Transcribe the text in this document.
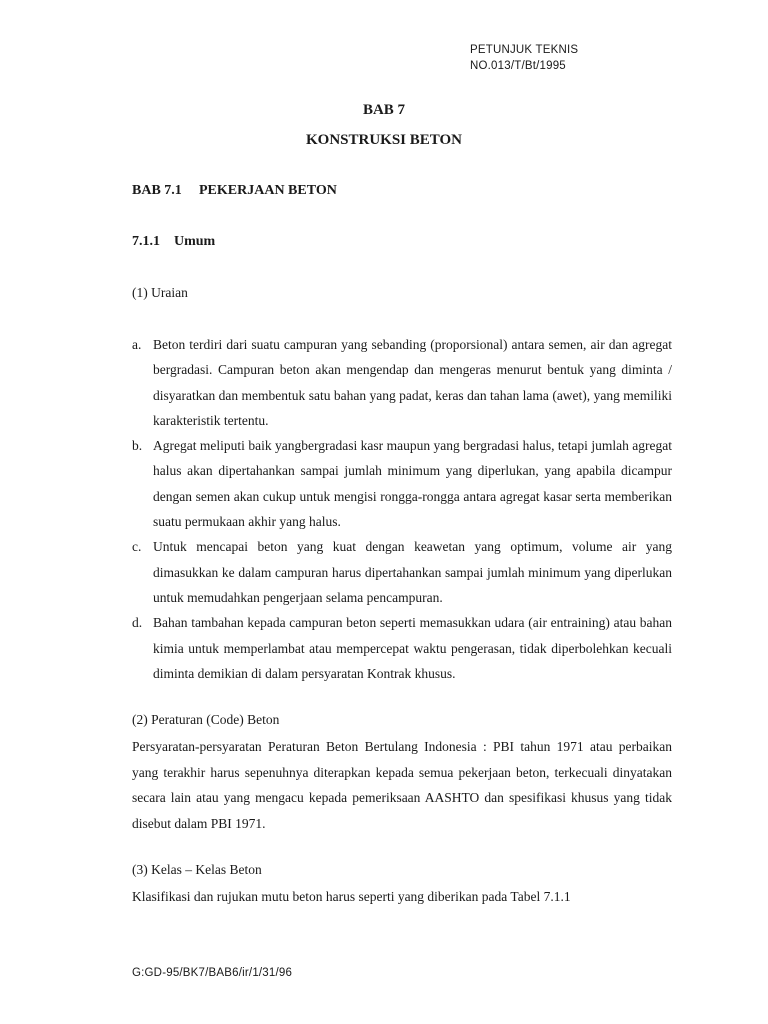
PETUNJUK TEKNIS
NO.013/T/Bt/1995
BAB 7
KONSTRUKSI BETON
BAB 7.1 PEKERJAAN BETON
7.1.1 Umum
(1) Uraian
a. Beton terdiri dari suatu campuran yang sebanding (proporsional) antara semen, air dan agregat bergradasi. Campuran beton akan mengendap dan mengeras menurut bentuk yang diminta / disyaratkan dan membentuk satu bahan yang padat, keras dan tahan lama (awet), yang memiliki karakteristik tertentu.
b. Agregat meliputi baik yangbergradasi kasr maupun yang bergradasi halus, tetapi jumlah agregat halus akan dipertahankan sampai jumlah minimum yang diperlukan, yang apabila dicampur dengan semen akan cukup untuk mengisi rongga-rongga antara agregat kasar serta memberikan suatu permukaan akhir yang halus.
c. Untuk mencapai beton yang kuat dengan keawetan yang optimum, volume air yang dimasukkan ke dalam campuran harus dipertahankan sampai jumlah minimum yang diperlukan untuk memudahkan pengerjaan selama pencampuran.
d. Bahan tambahan kepada campuran beton seperti memasukkan udara (air entraining) atau bahan kimia untuk memperlambat atau mempercepat waktu pengerasan, tidak diperbolehkan kecuali diminta demikian di dalam persyaratan Kontrak khusus.
(2) Peraturan (Code) Beton
Persyaratan-persyaratan Peraturan Beton Bertulang Indonesia : PBI tahun 1971 atau perbaikan yang terakhir harus sepenuhnya diterapkan kepada semua pekerjaan beton, terkecuali dinyatakan secara lain atau yang mengacu kepada pemeriksaan AASHTO dan spesifikasi khusus yang tidak disebut dalam PBI 1971.
(3) Kelas – Kelas Beton
Klasifikasi dan rujukan mutu beton harus seperti yang diberikan pada Tabel 7.1.1
G:GD-95/BK7/BAB6/ir/1/31/96
